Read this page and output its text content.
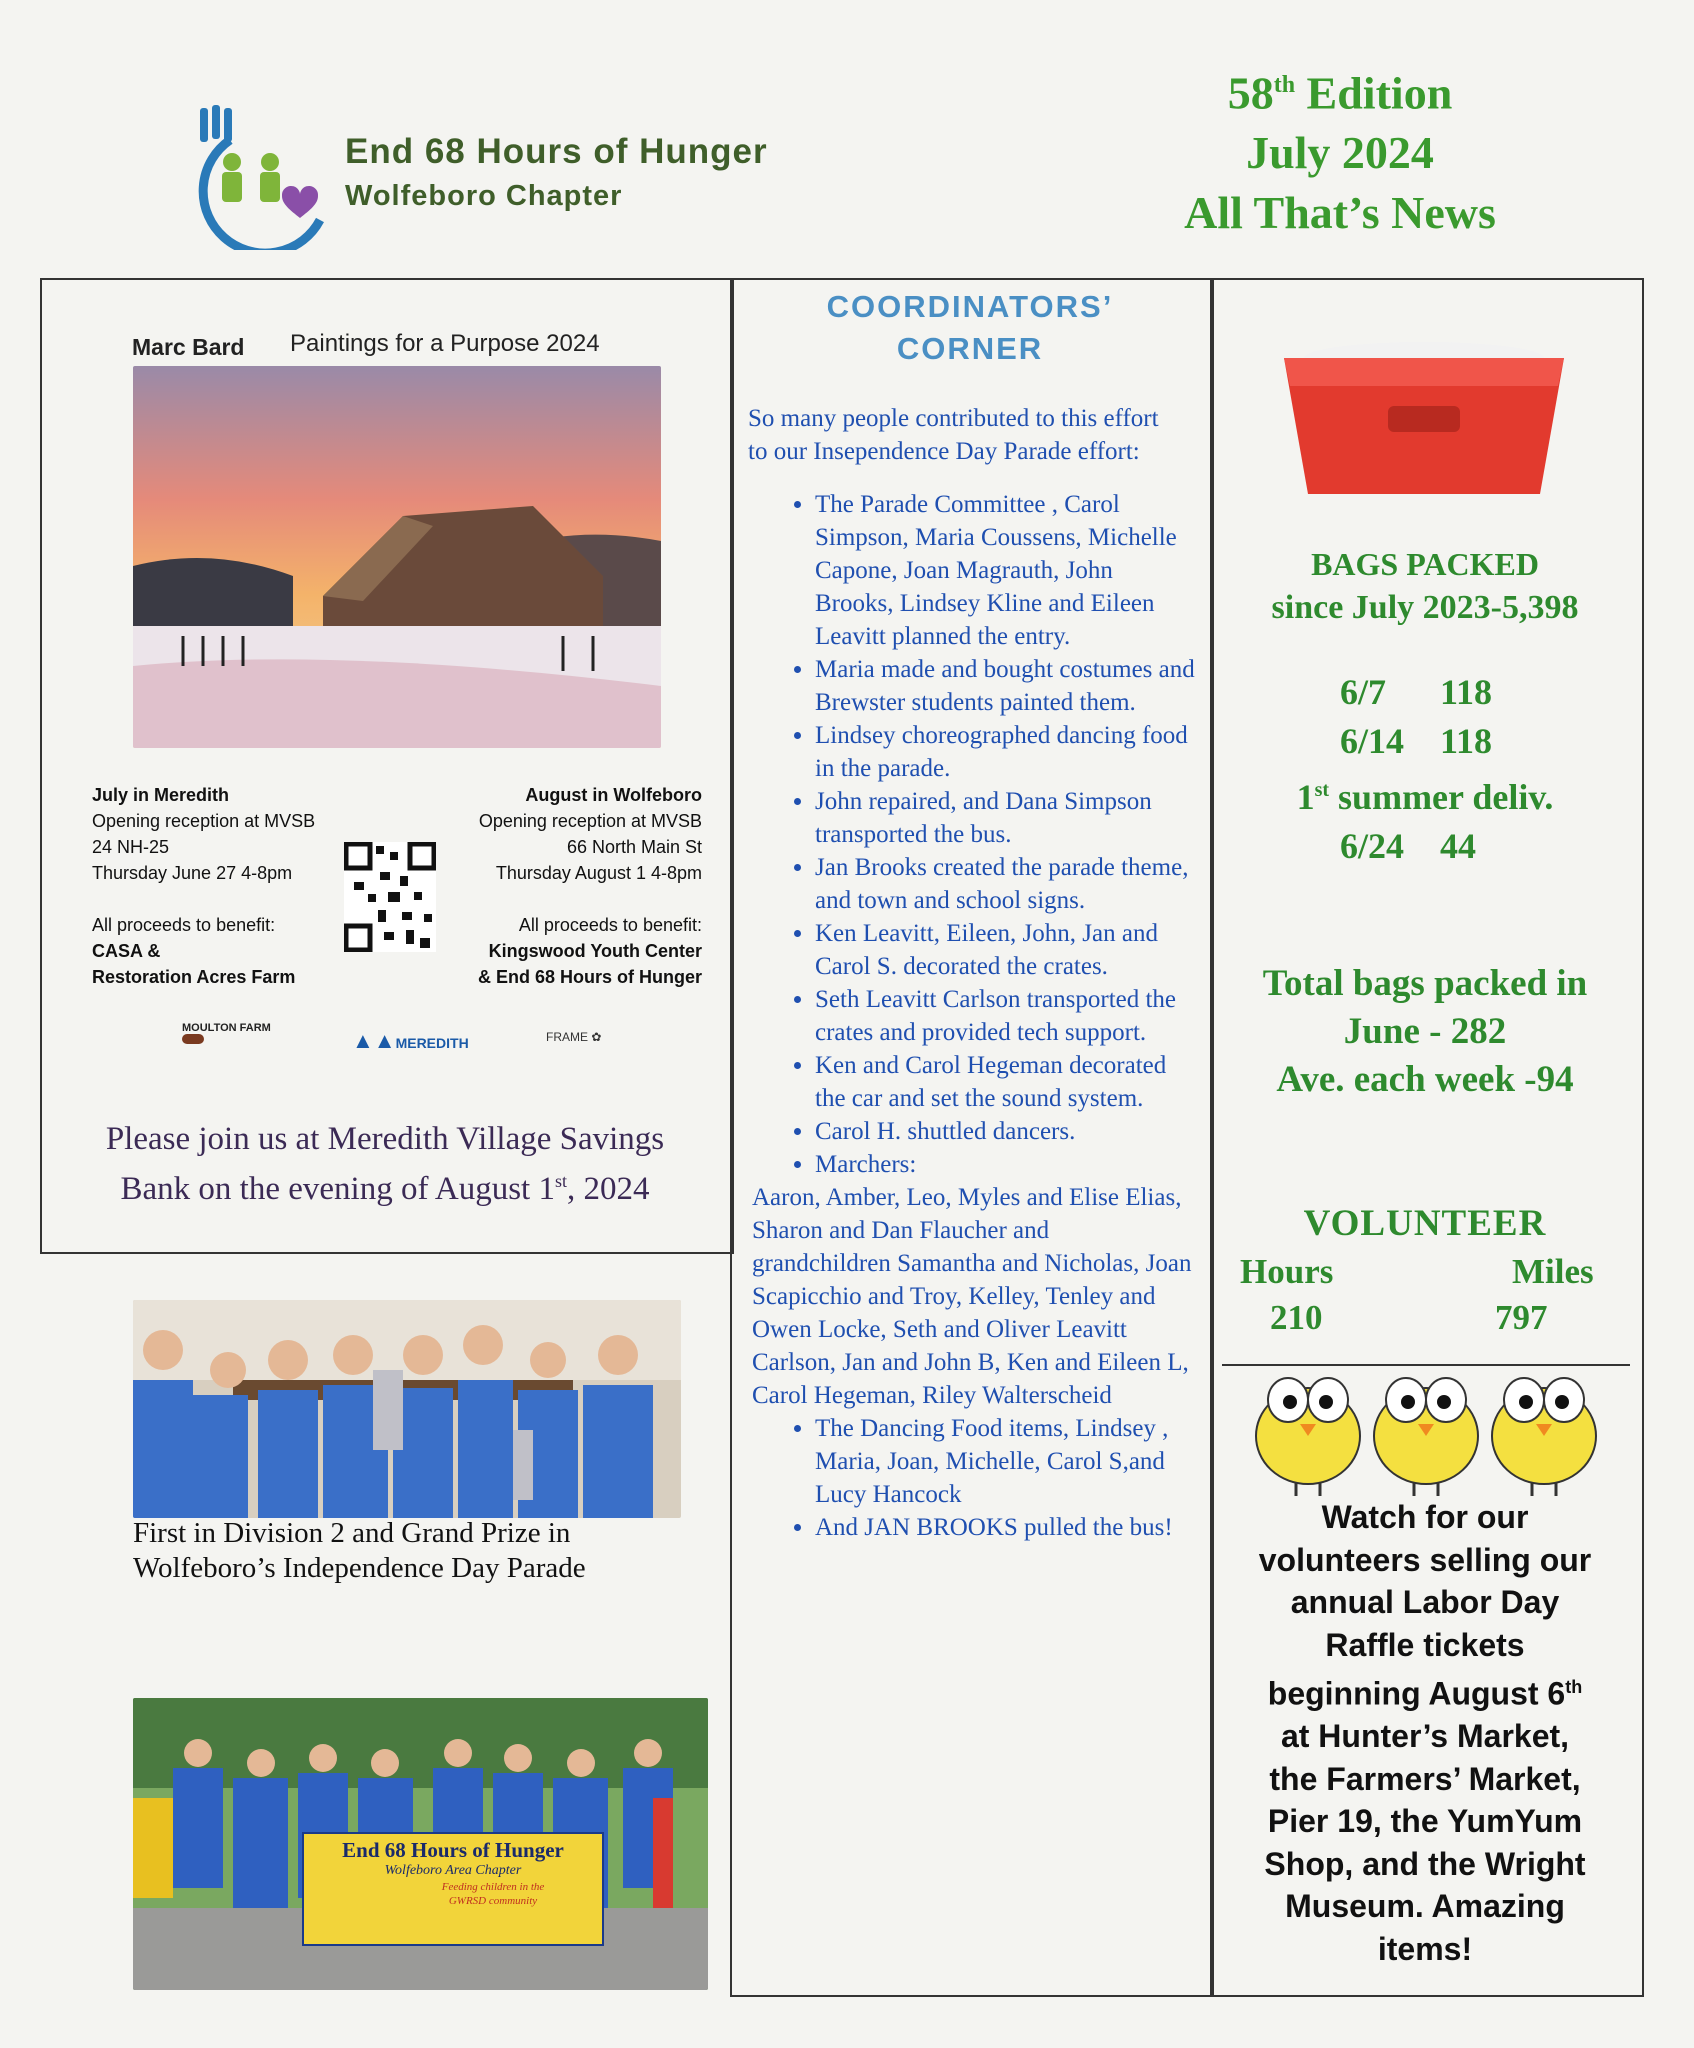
End 68 Hours of Hunger
Wolfeboro Chapter
58th Edition
July 2024
All That’s News
Marc Bard Paintings for a Purpose 2024
July in Meredith
Opening reception at MVSB
24 NH-25
Thursday June 27 4-8pm
All proceeds to benefit:
CASA &
Restoration Acres Farm
August in Wolfeboro
Opening reception at MVSB
66 North Main St
Thursday August 1 4-8pm
All proceeds to benefit:
Kingswood Youth Center
& End 68 Hours of Hunger
MOULTON FARM	▲▲MEREDITH	FRAME ✿
Please join us at Meredith Village Savings
Bank on the evening of August 1st, 2024
First in Division 2 and Grand Prize in
Wolfeboro’s Independence Day Parade
End 68 Hours of Hunger
Wolfeboro Area Chapter
Feeding children in the
GWRSD community
COORDINATORS’
CORNER
So many people contributed to this effort to our Insependence Day Parade effort:
• The Parade Committee , Carol Simpson, Maria Coussens, Michelle Capone, Joan Magrauth, John Brooks, Lindsey Kline and Eileen Leavitt planned the entry.
• Maria made and bought costumes and Brewster students painted them.
• Lindsey choreographed dancing food in the parade.
• John repaired, and Dana Simpson transported the bus.
• Jan Brooks created the parade theme, and town and school signs.
• Ken Leavitt, Eileen, John, Jan and Carol S. decorated the crates.
• Seth Leavitt Carlson transported the crates and provided tech support.
• Ken and Carol Hegeman decorated the car and set the sound system.
• Carol H. shuttled dancers.
• Marchers:
Aaron, Amber, Leo, Myles and Elise Elias, Sharon and Dan Flaucher and grandchildren Samantha and Nicholas, Joan Scapicchio and Troy, Kelley, Tenley and Owen Locke, Seth and Oliver Leavitt Carlson, Jan and John B, Ken and Eileen L, Carol Hegeman, Riley Walterscheid
• The Dancing Food items, Lindsey , Maria, Joan, Michelle, Carol S,and Lucy Hancock
• And JAN BROOKS pulled the bus!
BAGS PACKED
since July 2023-5,398
6/7 118
6/14 118
1st summer deliv.
6/24 44
Total bags packed in
June - 282
Ave. each week -94
VOLUNTEER
Hours	Miles
210	797
Watch for our
volunteers selling our
annual Labor Day
Raffle tickets
beginning August 6th
at Hunter’s Market,
the Farmers’ Market,
Pier 19, the YumYum
Shop, and the Wright
Museum. Amazing
items!
